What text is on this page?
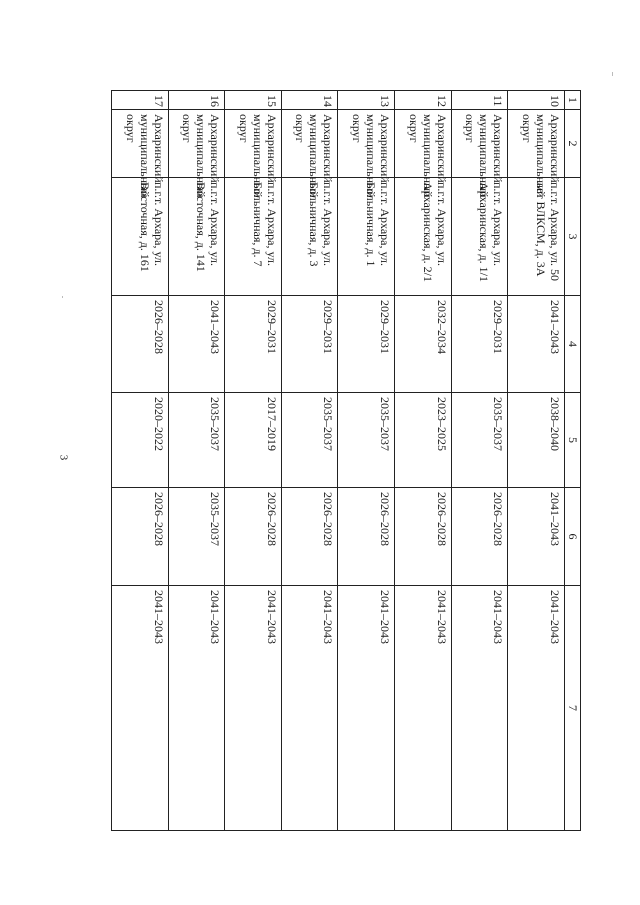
3
1	2	3	4	5	6	7
10	Архаринский муниципальный округ	п.г.т. Архара, ул. 50 лет ВЛКСМ, д. 3А	2041–2043	2038–2040	2041–2043	2041–2043
11	Архаринский муниципальный округ	п.г.т. Архара, ул. Архаринская, д. 1/1	2029–2031	2035–2037	2026–2028	2041–2043
12	Архаринский муниципальный округ	п.г.т. Архара, ул. Архаринская, д. 2/1	2032–2034	2023–2025	2026–2028	2041–2043
13	Архаринский муниципальный округ	п.г.т. Архара, ул. Больничная, д. 1	2029–2031	2035–2037	2026–2028	2041–2043
14	Архаринский муниципальный округ	п.г.т. Архара, ул. Больничная, д. 3	2029–2031	2035–2037	2026–2028	2041–2043
15	Архаринский муниципальный округ	п.г.т. Архара, ул. Больничная, д. 7	2029–2031	2017–2019	2026–2028	2041–2043
16	Архаринский муниципальный округ	п.г.т. Архара, ул. Восточная, д. 141	2041–2043	2035–2037	2035–2037	2041–2043
17	Архаринский муниципальный округ	п.г.т. Архара, ул. Восточная, д. 161	2026–2028	2020–2022	2026–2028	2041–2043
